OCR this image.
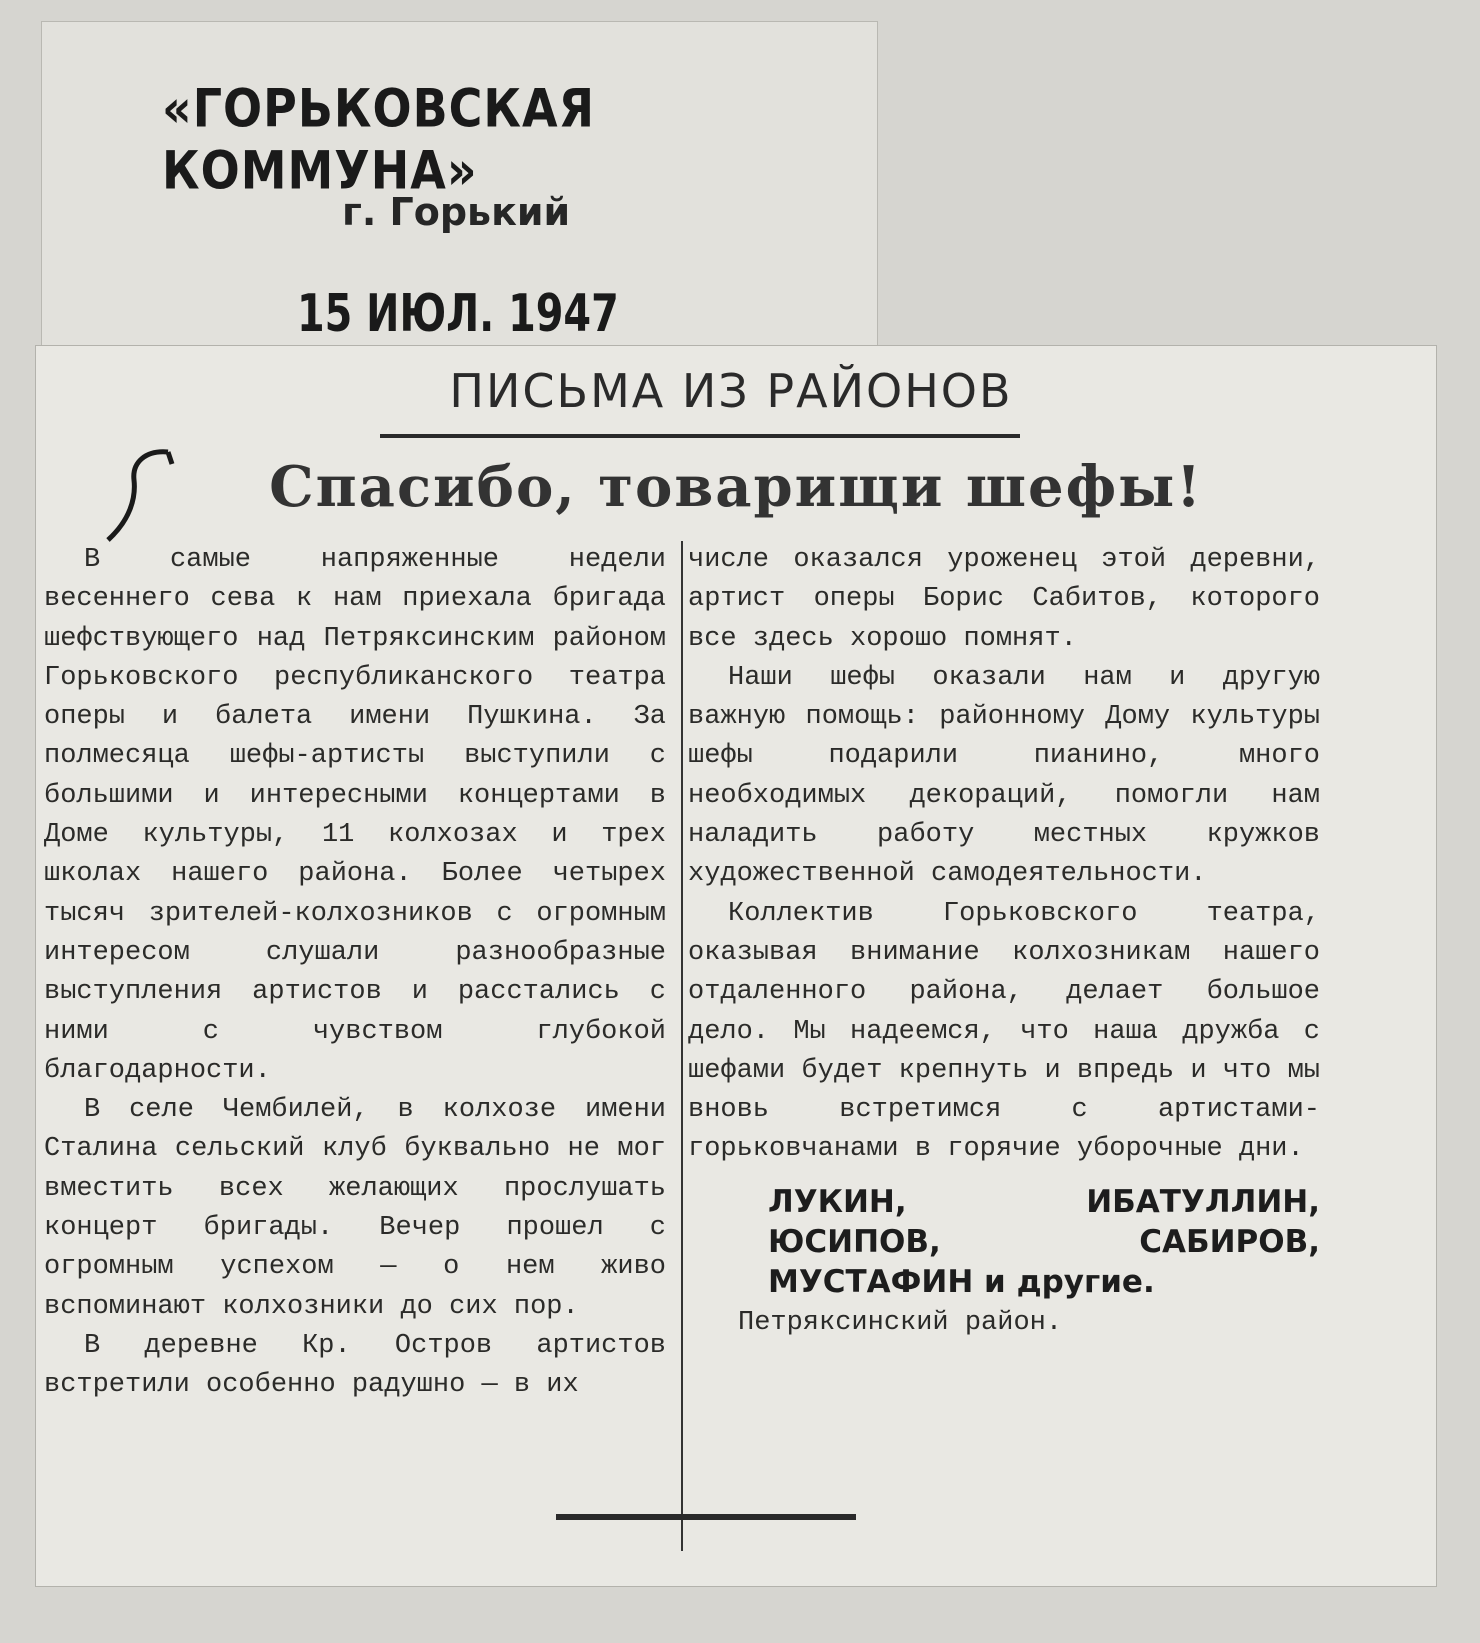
«ГОРЬКОВСКАЯ КОММУНА»
г. Горький
15 ИЮЛ. 1947
ПИСЬМА ИЗ РАЙОНОВ
Спасибо, товарищи шефы!

В самые напряженные недели весеннего сева к нам приехала бригада шефствующего над Петряксинским районом Горьковского республиканского театра оперы и балета имени Пушкина. За полмесяца шефы-артисты выступили с большими и интересными концертами в Доме культуры, 11 колхозах и трех школах нашего района. Более четырех тысяч зрителей-колхозников с огромным интересом слушали разнообразные выступления артистов и расстались с ними с чувством глубокой благодарности.

В селе Чембилей, в колхозе имени Сталина сельский клуб буквально не мог вместить всех желающих прослушать концерт бригады. Вечер прошел с огромным успехом — о нем живо вспоминают колхозники до сих пор.

В деревне Кр. Остров артистов встретили особенно радушно — в их

числе оказался уроженец этой деревни, артист оперы Борис Сабитов, которого все здесь хорошо помнят.

Наши шефы оказали нам и другую важную помощь: районному Дому культуры шефы подарили пианино, много необходимых декораций, помогли нам наладить работу местных кружков художественной самодеятельности.

Коллектив Горьковского театра, оказывая внимание колхозникам нашего отдаленного района, делает большое дело. Мы надеемся, что наша дружба с шефами будет крепнуть и впредь и что мы вновь встретимся с артистами-горьковчанами в горячие уборочные дни.

ЛУКИН, ИБАТУЛЛИН, ЮСИПОВ, САБИРОВ, МУСТАФИН и другие.
Петряксинский район.
